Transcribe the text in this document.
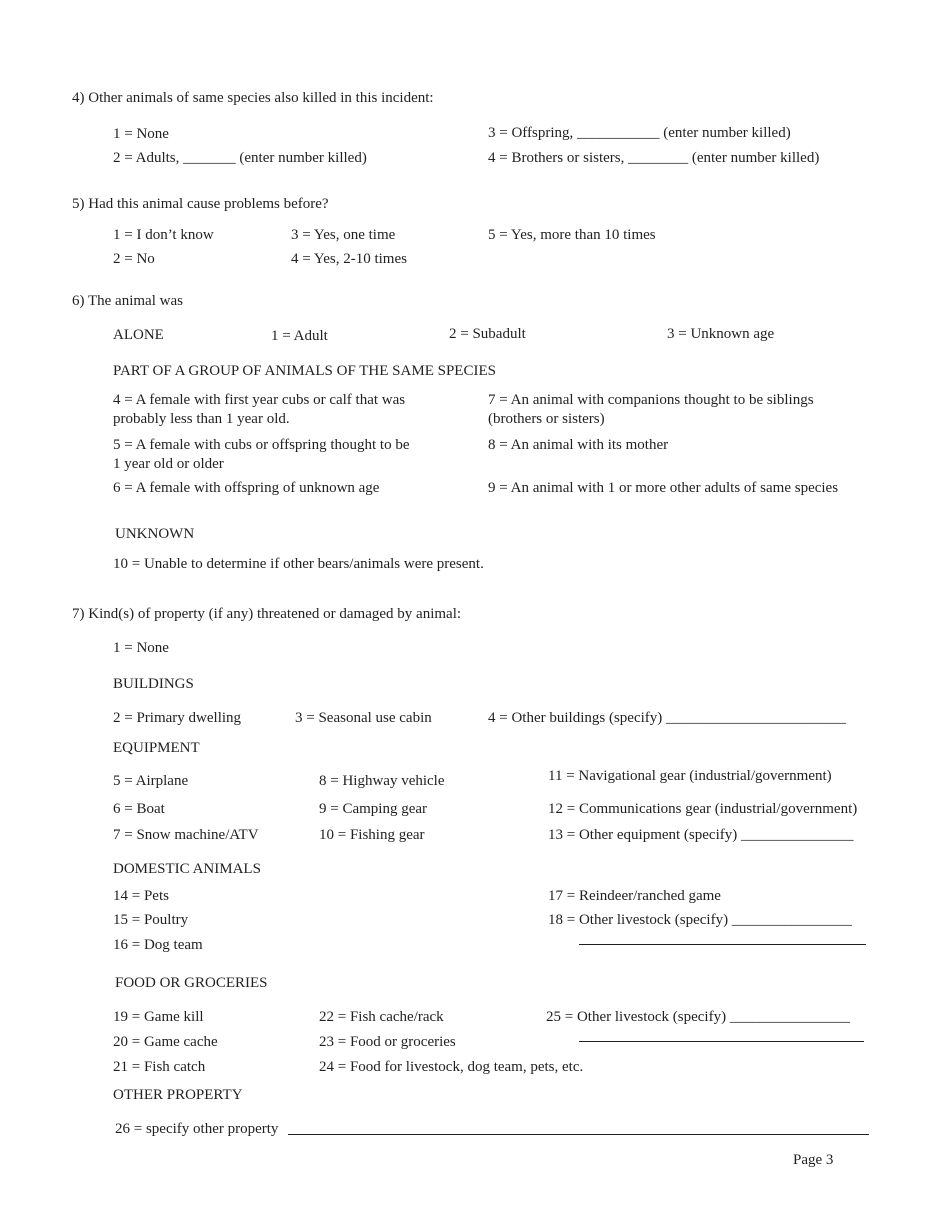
4) Other animals of same species also killed in this incident:
1 = None
2 = Adults, _______ (enter number killed)
3 = Offspring, ___________ (enter number killed)
4 = Brothers or sisters, ________ (enter number killed)
5) Had this animal cause problems before?
1 = I don’t know
2 = No
3 = Yes, one time
4 = Yes, 2-10 times
5 = Yes, more than 10 times
6) The animal was
ALONE	1 = Adult	2 = Subadult	3 = Unknown age
PART OF A GROUP OF ANIMALS OF THE SAME SPECIES
4 = A female with first year cubs or calf that was
probably less than 1 year old.
5 = A female with cubs or offspring thought to be
1 year old or older
6 = A female with offspring of unknown age
7 = An animal with companions thought to be siblings
(brothers or sisters)
8 = An animal with its mother
9 = An animal with 1 or more other adults of same species
UNKNOWN
10 = Unable to determine if other bears/animals were present.
7) Kind(s) of property (if any) threatened or damaged by animal:
1 = None
BUILDINGS
2 = Primary dwelling	3 = Seasonal use cabin	4 = Other buildings (specify) ________________________
EQUIPMENT
5 = Airplane
6 = Boat
7 = Snow machine/ATV
8 = Highway vehicle
9 = Camping gear
10 = Fishing gear
11 = Navigational gear (industrial/government)
12 = Communications gear (industrial/government)
13 = Other equipment (specify) _______________
DOMESTIC ANIMALS
14 = Pets
15 = Poultry
16 = Dog team
17 = Reindeer/ranched game
18 = Other livestock (specify) ________________
FOOD OR GROCERIES
19 = Game kill
20 = Game cache
21 = Fish catch
22 = Fish cache/rack
23 = Food or groceries
24 = Food for livestock, dog team, pets, etc.
25 = Other livestock (specify) ________________
OTHER PROPERTY
26 = specify other property
Page 3
